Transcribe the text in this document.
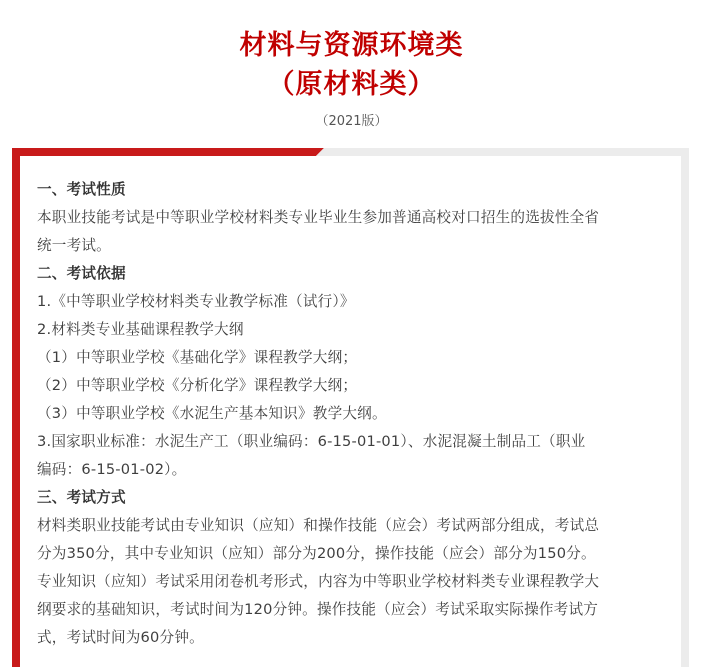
材料与资源环境类
（原材料类）
（2021版）

一、考试性质

本职业技能考试是中等职业学校材料类专业毕业生参加普通高校对口招生的选拔性全省

统一考试。

二、考试依据

1.《中等职业学校材料类专业教学标准（试行）》

2.材料类专业基础课程教学大纲

（1）中等职业学校《基础化学》课程教学大纲；

（2）中等职业学校《分析化学》课程教学大纲；

（3）中等职业学校《水泥生产基本知识》教学大纲。

3.国家职业标准：水泥生产工（职业编码：6-15-01-01）、水泥混凝土制品工（职业

编码：6-15-01-02）。

三、考试方式

材料类职业技能考试由专业知识（应知）和操作技能（应会）考试两部分组成，考试总

分为350分，其中专业知识（应知）部分为200分，操作技能（应会）部分为150分。

专业知识（应知）考试采用闭卷机考形式，内容为中等职业学校材料类专业课程教学大

纲要求的基础知识，考试时间为120分钟。操作技能（应会）考试采取实际操作考试方

式，考试时间为60分钟。
